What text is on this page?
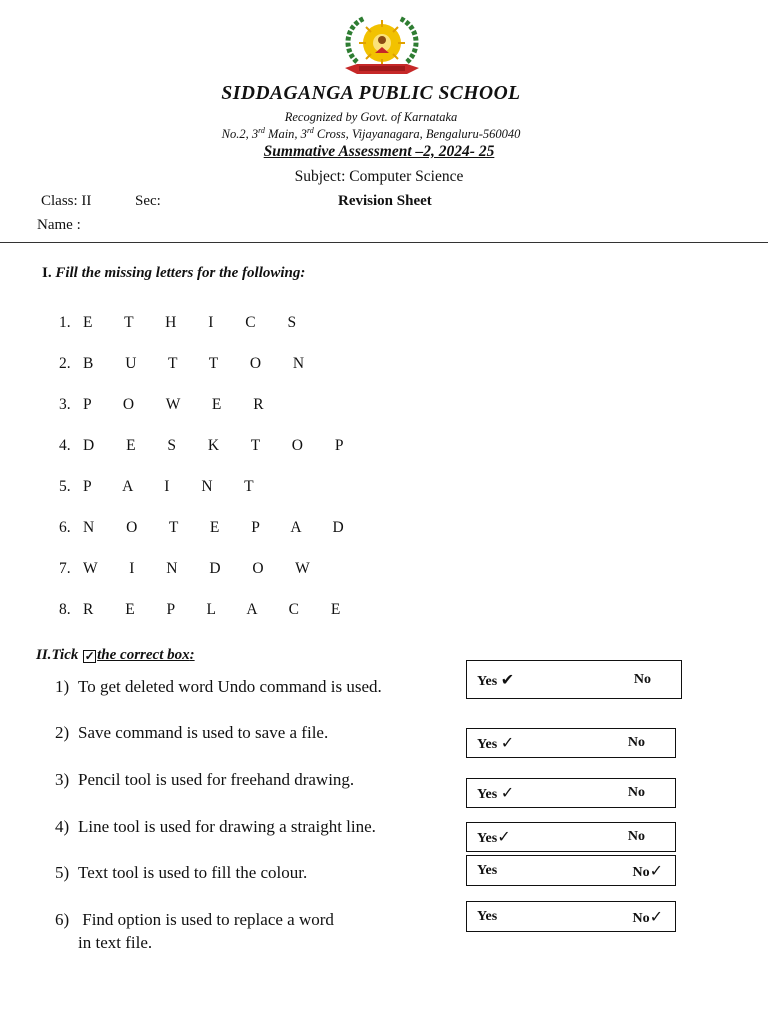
SIDDAGANGA PUBLIC SCHOOL
Recognized by Govt. of Karnataka
No.2, 3rd Main, 3rd Cross, Vijayanagara, Bengaluru-560040
Summative Assessment –2, 2024- 25
Subject: Computer Science
Class: II	Sec:	Revision Sheet
Name :
I. Fill the missing letters for the following:
1. E T H I C S
2. B U T T O N
3. P O W E R
4. D E S K T O P
5. P A I N T
6. N O T E P A D
7. W I N D O W
8. R E P L A C E
II.Tick ✓ the correct box:
1) To get deleted word Undo command is used.	Yes ✔	No
2) Save command is used to save a file.
Yes ✓	No
3) Pencil tool is used for freehand drawing.
Yes ✓	No
4) Line tool is used for drawing a straight line.
Yes✓	No
5) Text tool is used to fill the colour.	Yes	No✓
6) Find option is used to replace a word
in text file.
Yes	No✓
